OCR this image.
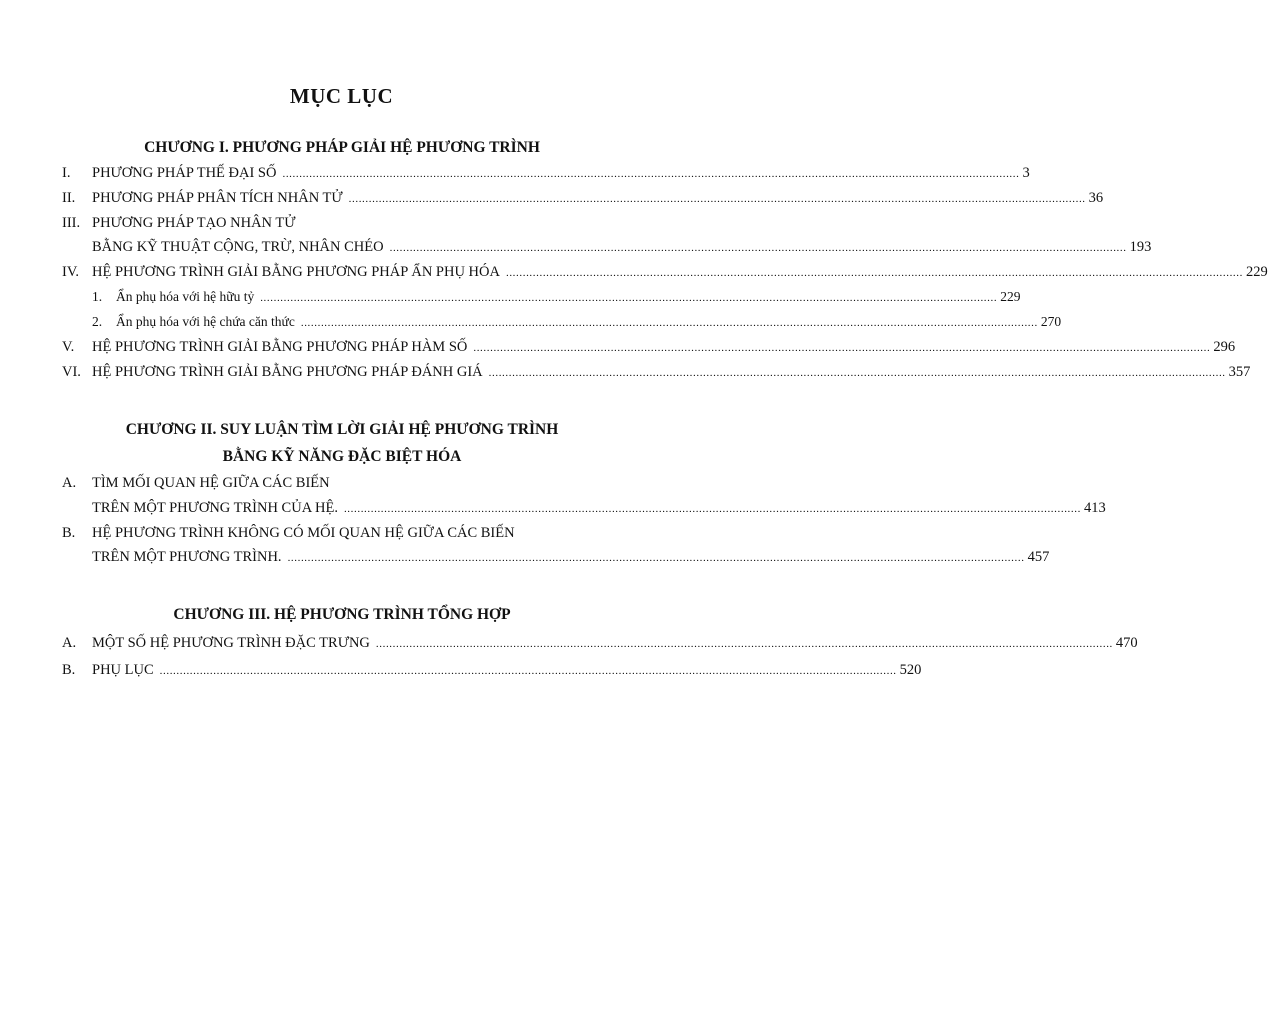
MỤC LỤC
CHƯƠNG I. PHƯƠNG PHÁP GIẢI HỆ PHƯƠNG TRÌNH
I. PHƯƠNG PHÁP THẾ ĐẠI SỐ ............................................................................................................................................................................................................................ 3
II. PHƯƠNG PHÁP PHÂN TÍCH NHÂN TỬ ............................................................................................................................................................................................................................ 36
III. PHƯƠNG PHÁP TẠO NHÂN TỬ
BẰNG KỸ THUẬT CỘNG, TRỪ, NHÂN CHÉO ............................................................................................................................................................................................................................ 193
IV. HỆ PHƯƠNG TRÌNH GIẢI BẰNG PHƯƠNG PHÁP ẨN PHỤ HÓA ............................................................................................................................................................................................................................ 229
1. Ẩn phụ hóa với hệ hữu tỷ ............................................................................................................................................................................................................................ 229
2. Ẩn phụ hóa với hệ chứa căn thức ............................................................................................................................................................................................................................ 270
V. HỆ PHƯƠNG TRÌNH GIẢI BẰNG PHƯƠNG PHÁP HÀM SỐ ............................................................................................................................................................................................................................ 296
VI. HỆ PHƯƠNG TRÌNH GIẢI BẰNG PHƯƠNG PHÁP ĐÁNH GIÁ ............................................................................................................................................................................................................................ 357
CHƯƠNG II. SUY LUẬN TÌM LỜI GIẢI HỆ PHƯƠNG TRÌNH
BẰNG KỸ NĂNG ĐẶC BIỆT HÓA
A. TÌM MỐI QUAN HỆ GIỮA CÁC BIẾN
TRÊN MỘT PHƯƠNG TRÌNH CỦA HỆ. ............................................................................................................................................................................................................................ 413
B. HỆ PHƯƠNG TRÌNH KHÔNG CÓ MỐI QUAN HỆ GIỮA CÁC BIẾN
TRÊN MỘT PHƯƠNG TRÌNH. ............................................................................................................................................................................................................................ 457
CHƯƠNG III. HỆ PHƯƠNG TRÌNH TỔNG HỢP
A. MỘT SỐ HỆ PHƯƠNG TRÌNH ĐẶC TRƯNG ............................................................................................................................................................................................................................ 470
B. PHỤ LỤC ............................................................................................................................................................................................................................ 520
